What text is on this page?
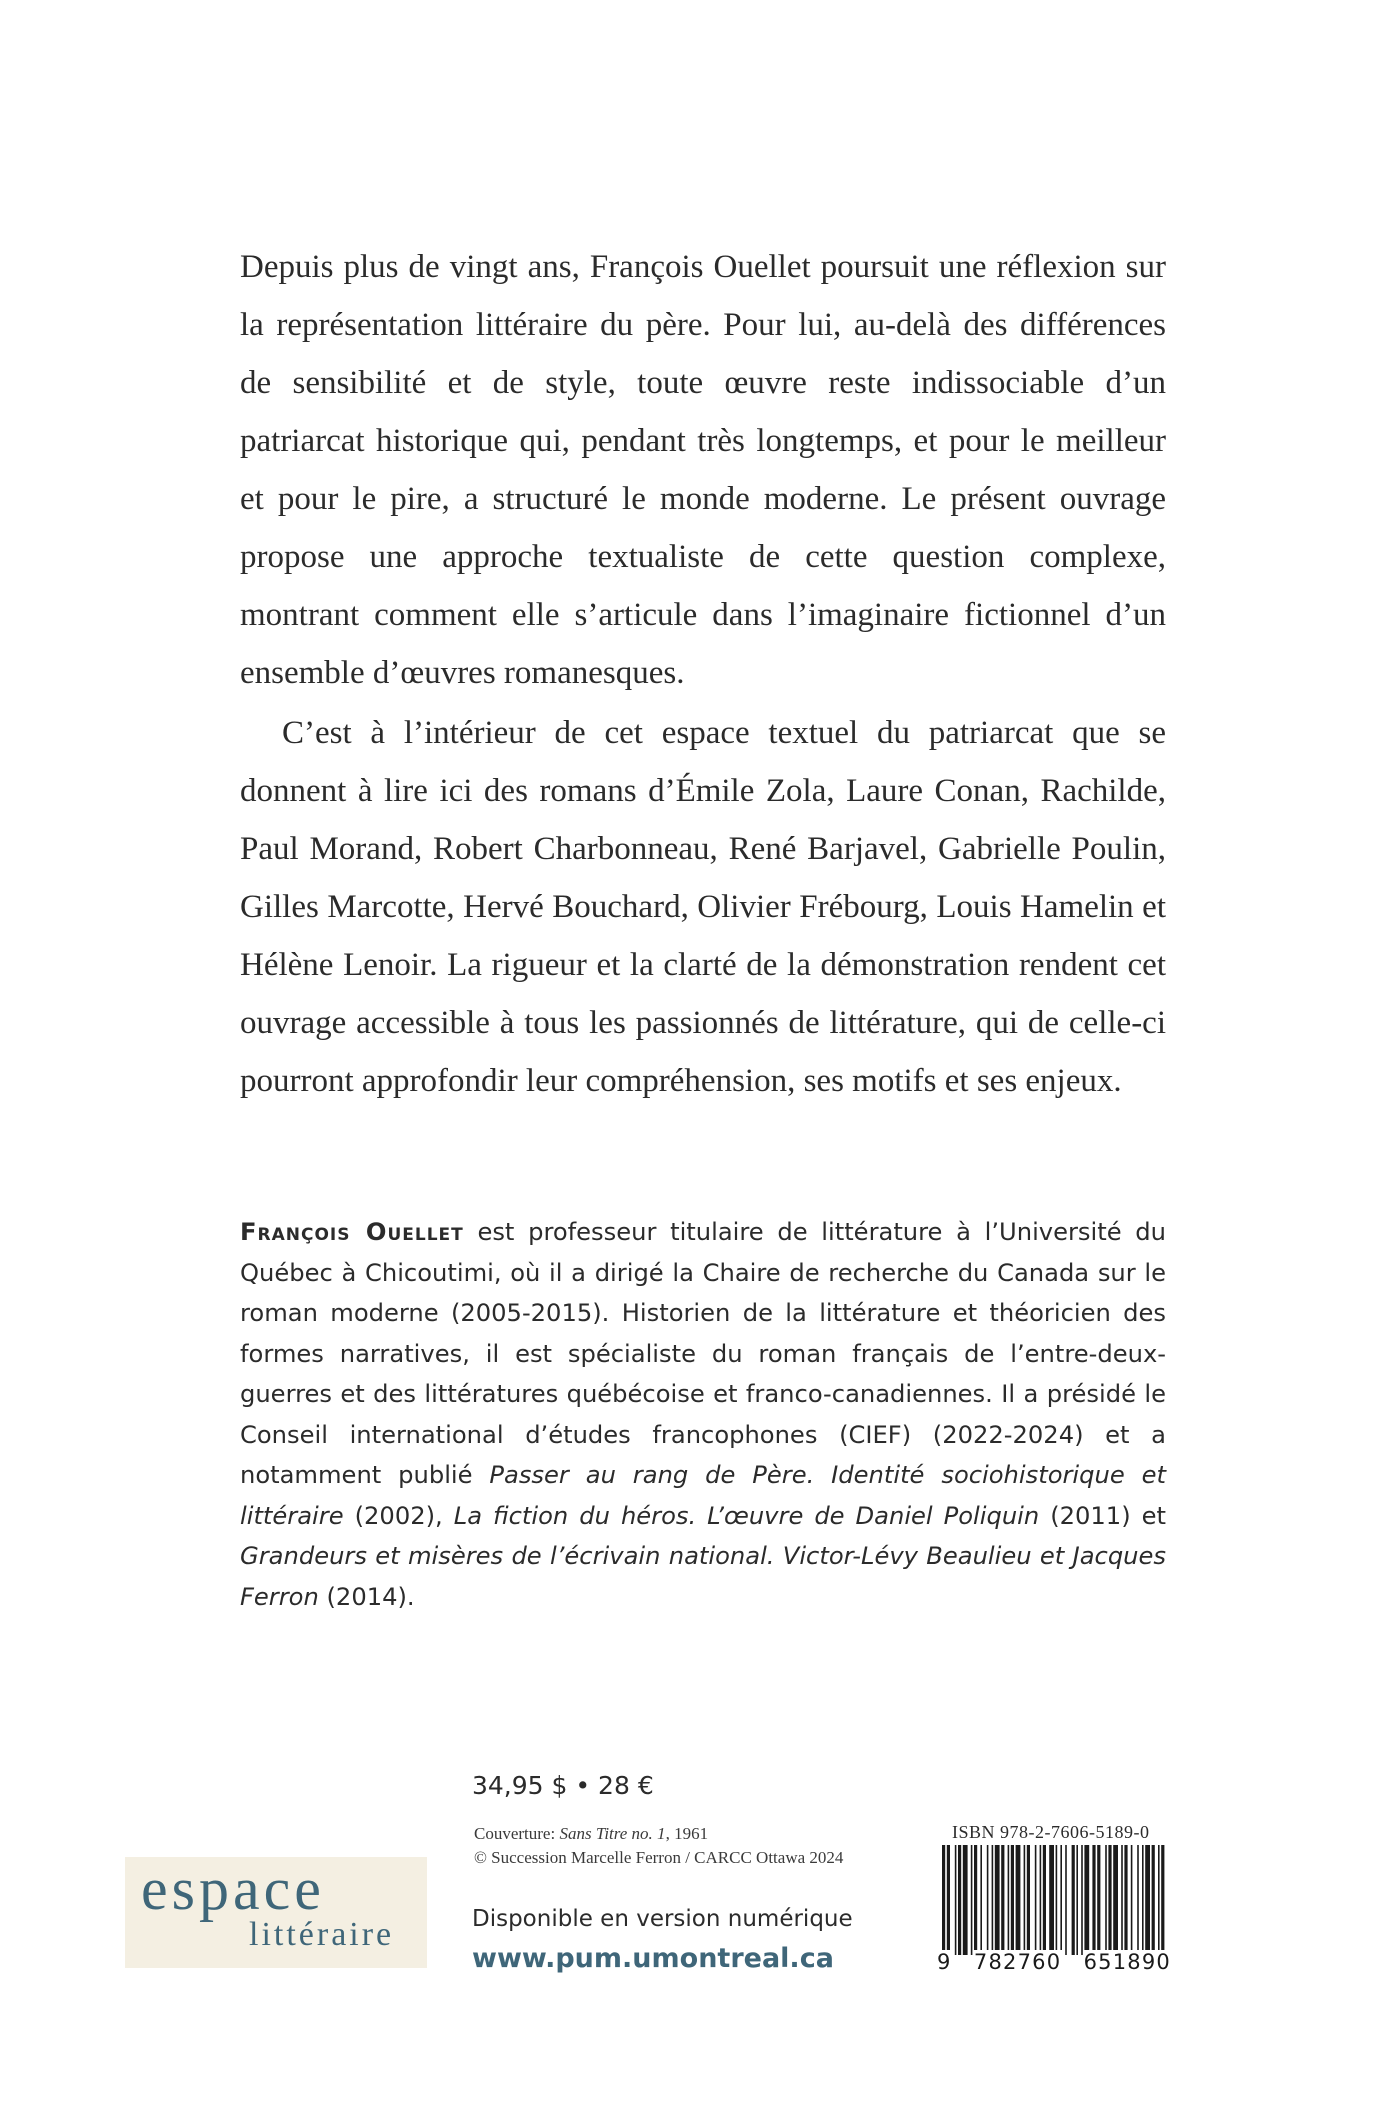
Depuis plus de vingt ans, François Ouellet poursuit une réflexion sur la représentation littéraire du père. Pour lui, au-delà des différences de sensibilité et de style, toute œuvre reste indissociable d’un patriarcat historique qui, pendant très longtemps, et pour le meilleur et pour le pire, a structuré le monde moderne. Le présent ouvrage propose une approche textualiste de cette question complexe, montrant comment elle s’articule dans l’imaginaire fictionnel d’un ensemble d’œuvres romanesques.

C’est à l’intérieur de cet espace textuel du patriarcat que se donnent à lire ici des romans d’Émile Zola, Laure Conan, Rachilde, Paul Morand, Robert Charbonneau, René Barjavel, Gabrielle Poulin, Gilles Marcotte, Hervé Bouchard, Olivier Frébourg, Louis Hamelin et Hélène Lenoir. La rigueur et la clarté de la démonstration rendent cet ouvrage accessible à tous les passionnés de littérature, qui de celle-ci pourront approfondir leur compréhension, ses motifs et ses enjeux.

François Ouellet est professeur titulaire de littérature à l’Université du Québec à Chicoutimi, où il a dirigé la Chaire de recherche du Canada sur le roman moderne (2005-2015). Historien de la littérature et théoricien des formes narratives, il est spécialiste du roman français de l’entre-deux-guerres et des littératures québécoise et franco-canadiennes. Il a présidé le Conseil international d’études francophones (CIEF) (2022-2024) et a notamment publié Passer au rang de Père. Identité sociohistorique et littéraire (2002), La fiction du héros. L’œuvre de Daniel Poliquin (2011) et Grandeurs et misères de l’écrivain national. Victor-Lévy Beaulieu et Jacques Ferron (2014).

34,95 $ • 28 €
Couverture: Sans Titre no. 1, 1961
© Succession Marcelle Ferron / CARCC Ottawa 2024
espace
littéraire	Disponible en version numérique
www.pum.umontreal.ca
ISBN 978-2-7606-5189-0
9 782760 651890
